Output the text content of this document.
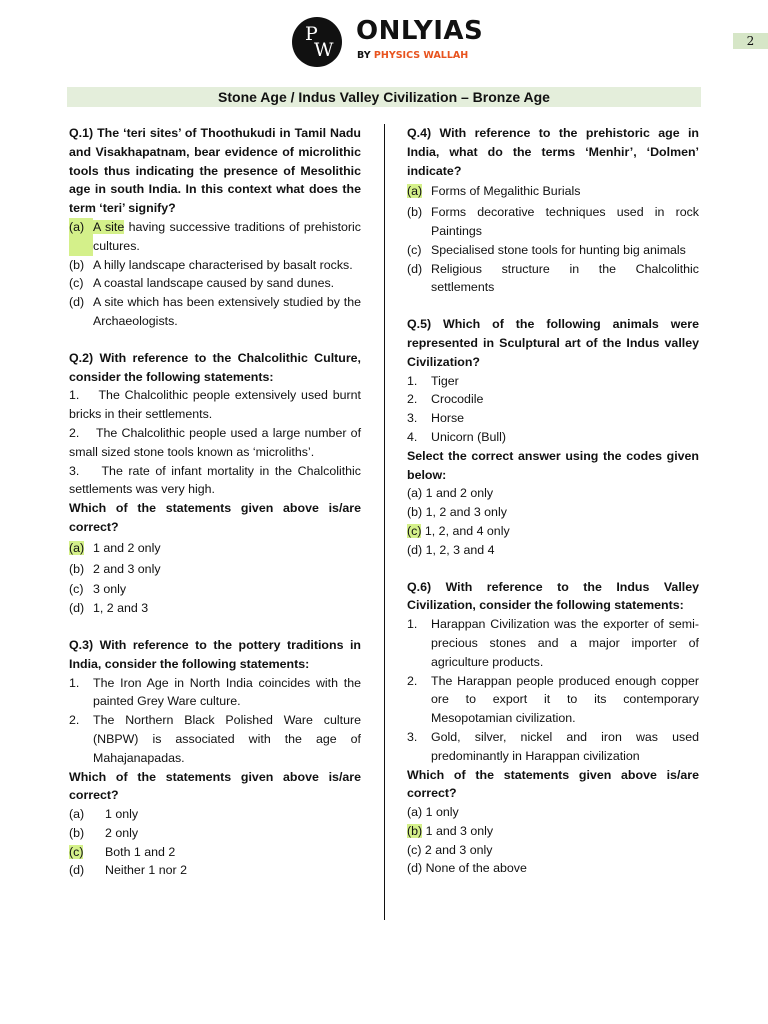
P
W
ONLYIAS
BY PHYSICS WALLAH
2
Stone Age / Indus Valley Civilization – Bronze Age
Q.1) The ‘teri sites’ of Thoothukudi in Tamil Nadu and Visakhapatnam, bear evidence of microlithic tools thus indicating the presence of Mesolithic age in south India. In this context what does the term ‘teri’ signify?
(a) A site having successive traditions of prehistoric cultures.
(b) A hilly landscape characterised by basalt rocks.
(c) A coastal landscape caused by sand dunes.
(d) A site which has been extensively studied by the Archaeologists.
Q.2) With reference to the Chalcolithic Culture, consider the following statements:
1. The Chalcolithic people extensively used burnt bricks in their settlements.
2. The Chalcolithic people used a large number of small sized stone tools known as ‘microliths’.
3. The rate of infant mortality in the Chalcolithic settlements was very high.
Which of the statements given above is/are correct?
(a) 1 and 2 only
(b) 2 and 3 only
(c) 3 only
(d) 1, 2 and 3
Q.3) With reference to the pottery traditions in India, consider the following statements:
1.	The Iron Age in North India coincides with the painted Grey Ware culture.
2.	The Northern Black Polished Ware culture (NBPW) is associated with the age of Mahajanapadas.
Which of the statements given above is/are correct?
(a)	1 only
(b)	2 only
(c)	Both 1 and 2
(d)	Neither 1 nor 2
Q.4) With reference to the prehistoric age in India, what do the terms ‘Menhir’, ‘Dolmen’ indicate?
(a) Forms of Megalithic Burials
(b) Forms decorative techniques used in rock Paintings
(c) Specialised stone tools for hunting big animals
(d) Religious structure in the Chalcolithic settlements
Q.5) Which of the following animals were represented in Sculptural art of the Indus valley Civilization?
1.	Tiger
2.	Crocodile
3.	Horse
4.	Unicorn (Bull)
Select the correct answer using the codes given below:
(a) 1 and 2 only
(b) 1, 2 and 3 only
(c) 1, 2, and 4 only
(d) 1, 2, 3 and 4
Q.6) With reference to the Indus Valley Civilization, consider the following statements:
1.	Harappan Civilization was the exporter of semi-precious stones and a major importer of agriculture products.
2.	The Harappan people produced enough copper ore to export it to its contemporary Mesopotamian civilization.
3.	Gold, silver, nickel and iron was used predominantly in Harappan civilization
Which of the statements given above is/are correct?
(a) 1 only
(b) 1 and 3 only
(c) 2 and 3 only
(d) None of the above
